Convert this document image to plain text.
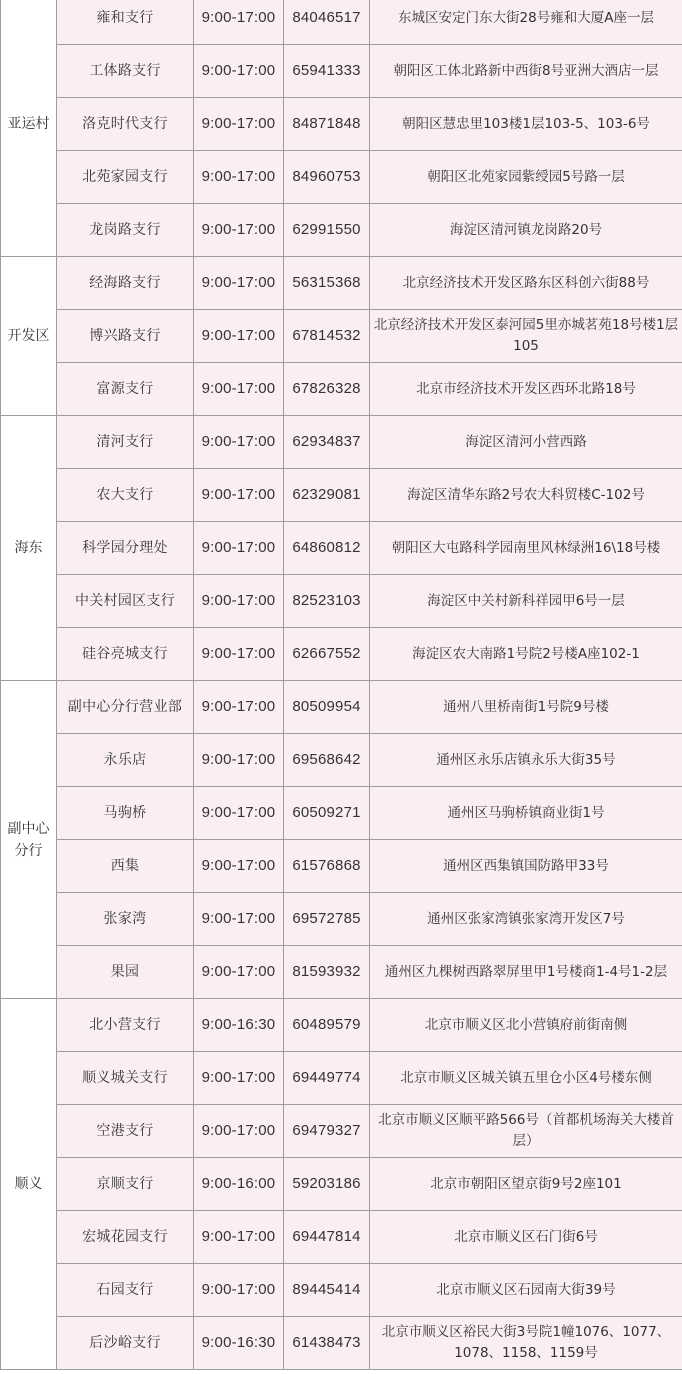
亚运村	雍和支行	9:00-17:00	84046517	东城区安定门东大街28号雍和大厦A座一层
	工体路支行	9:00-17:00	65941333	朝阳区工体北路新中西街8号亚洲大酒店一层
	洛克时代支行	9:00-17:00	84871848	朝阳区慧忠里103楼1层103-5、103-6号
	北苑家园支行	9:00-17:00	84960753	朝阳区北苑家园紫绶园5号路一层
	龙岗路支行	9:00-17:00	62991550	海淀区清河镇龙岗路20号
开发区	经海路支行	9:00-17:00	56315368	北京经济技术开发区路东区科创六街88号
	博兴路支行	9:00-17:00	67814532	北京经济技术开发区泰河园5里亦城茗苑18号楼1层105
	富源支行	9:00-17:00	67826328	北京市经济技术开发区西环北路18号
海东	清河支行	9:00-17:00	62934837	海淀区清河小营西路
	农大支行	9:00-17:00	62329081	海淀区清华东路2号农大科贸楼C-102号
	科学园分理处	9:00-17:00	64860812	朝阳区大屯路科学园南里风林绿洲16\18号楼
	中关村园区支行	9:00-17:00	82523103	海淀区中关村新科祥园甲6号一层
	硅谷亮城支行	9:00-17:00	62667552	海淀区农大南路1号院2号楼A座102-1
副中心分行	副中心分行营业部	9:00-17:00	80509954	通州八里桥南街1号院9号楼
	永乐店	9:00-17:00	69568642	通州区永乐店镇永乐大街35号
	马驹桥	9:00-17:00	60509271	通州区马驹桥镇商业街1号
	西集	9:00-17:00	61576868	通州区西集镇国防路甲33号
	张家湾	9:00-17:00	69572785	通州区张家湾镇张家湾开发区7号
	果园	9:00-17:00	81593932	通州区九棵树西路翠屏里甲1号楼商1-4号1-2层
顺义	北小营支行	9:00-16:30	60489579	北京市顺义区北小营镇府前街南侧
	顺义城关支行	9:00-17:00	69449774	北京市顺义区城关镇五里仓小区4号楼东侧
	空港支行	9:00-17:00	69479327	北京市顺义区顺平路566号（首都机场海关大楼首层）
	京顺支行	9:00-16:00	59203186	北京市朝阳区望京街9号2座101
	宏城花园支行	9:00-17:00	69447814	北京市顺义区石门街6号
	石园支行	9:00-17:00	89445414	北京市顺义区石园南大街39号
	后沙峪支行	9:00-16:30	61438473	北京市顺义区裕民大街3号院1幢1076、1077、1078、1158、1159号
